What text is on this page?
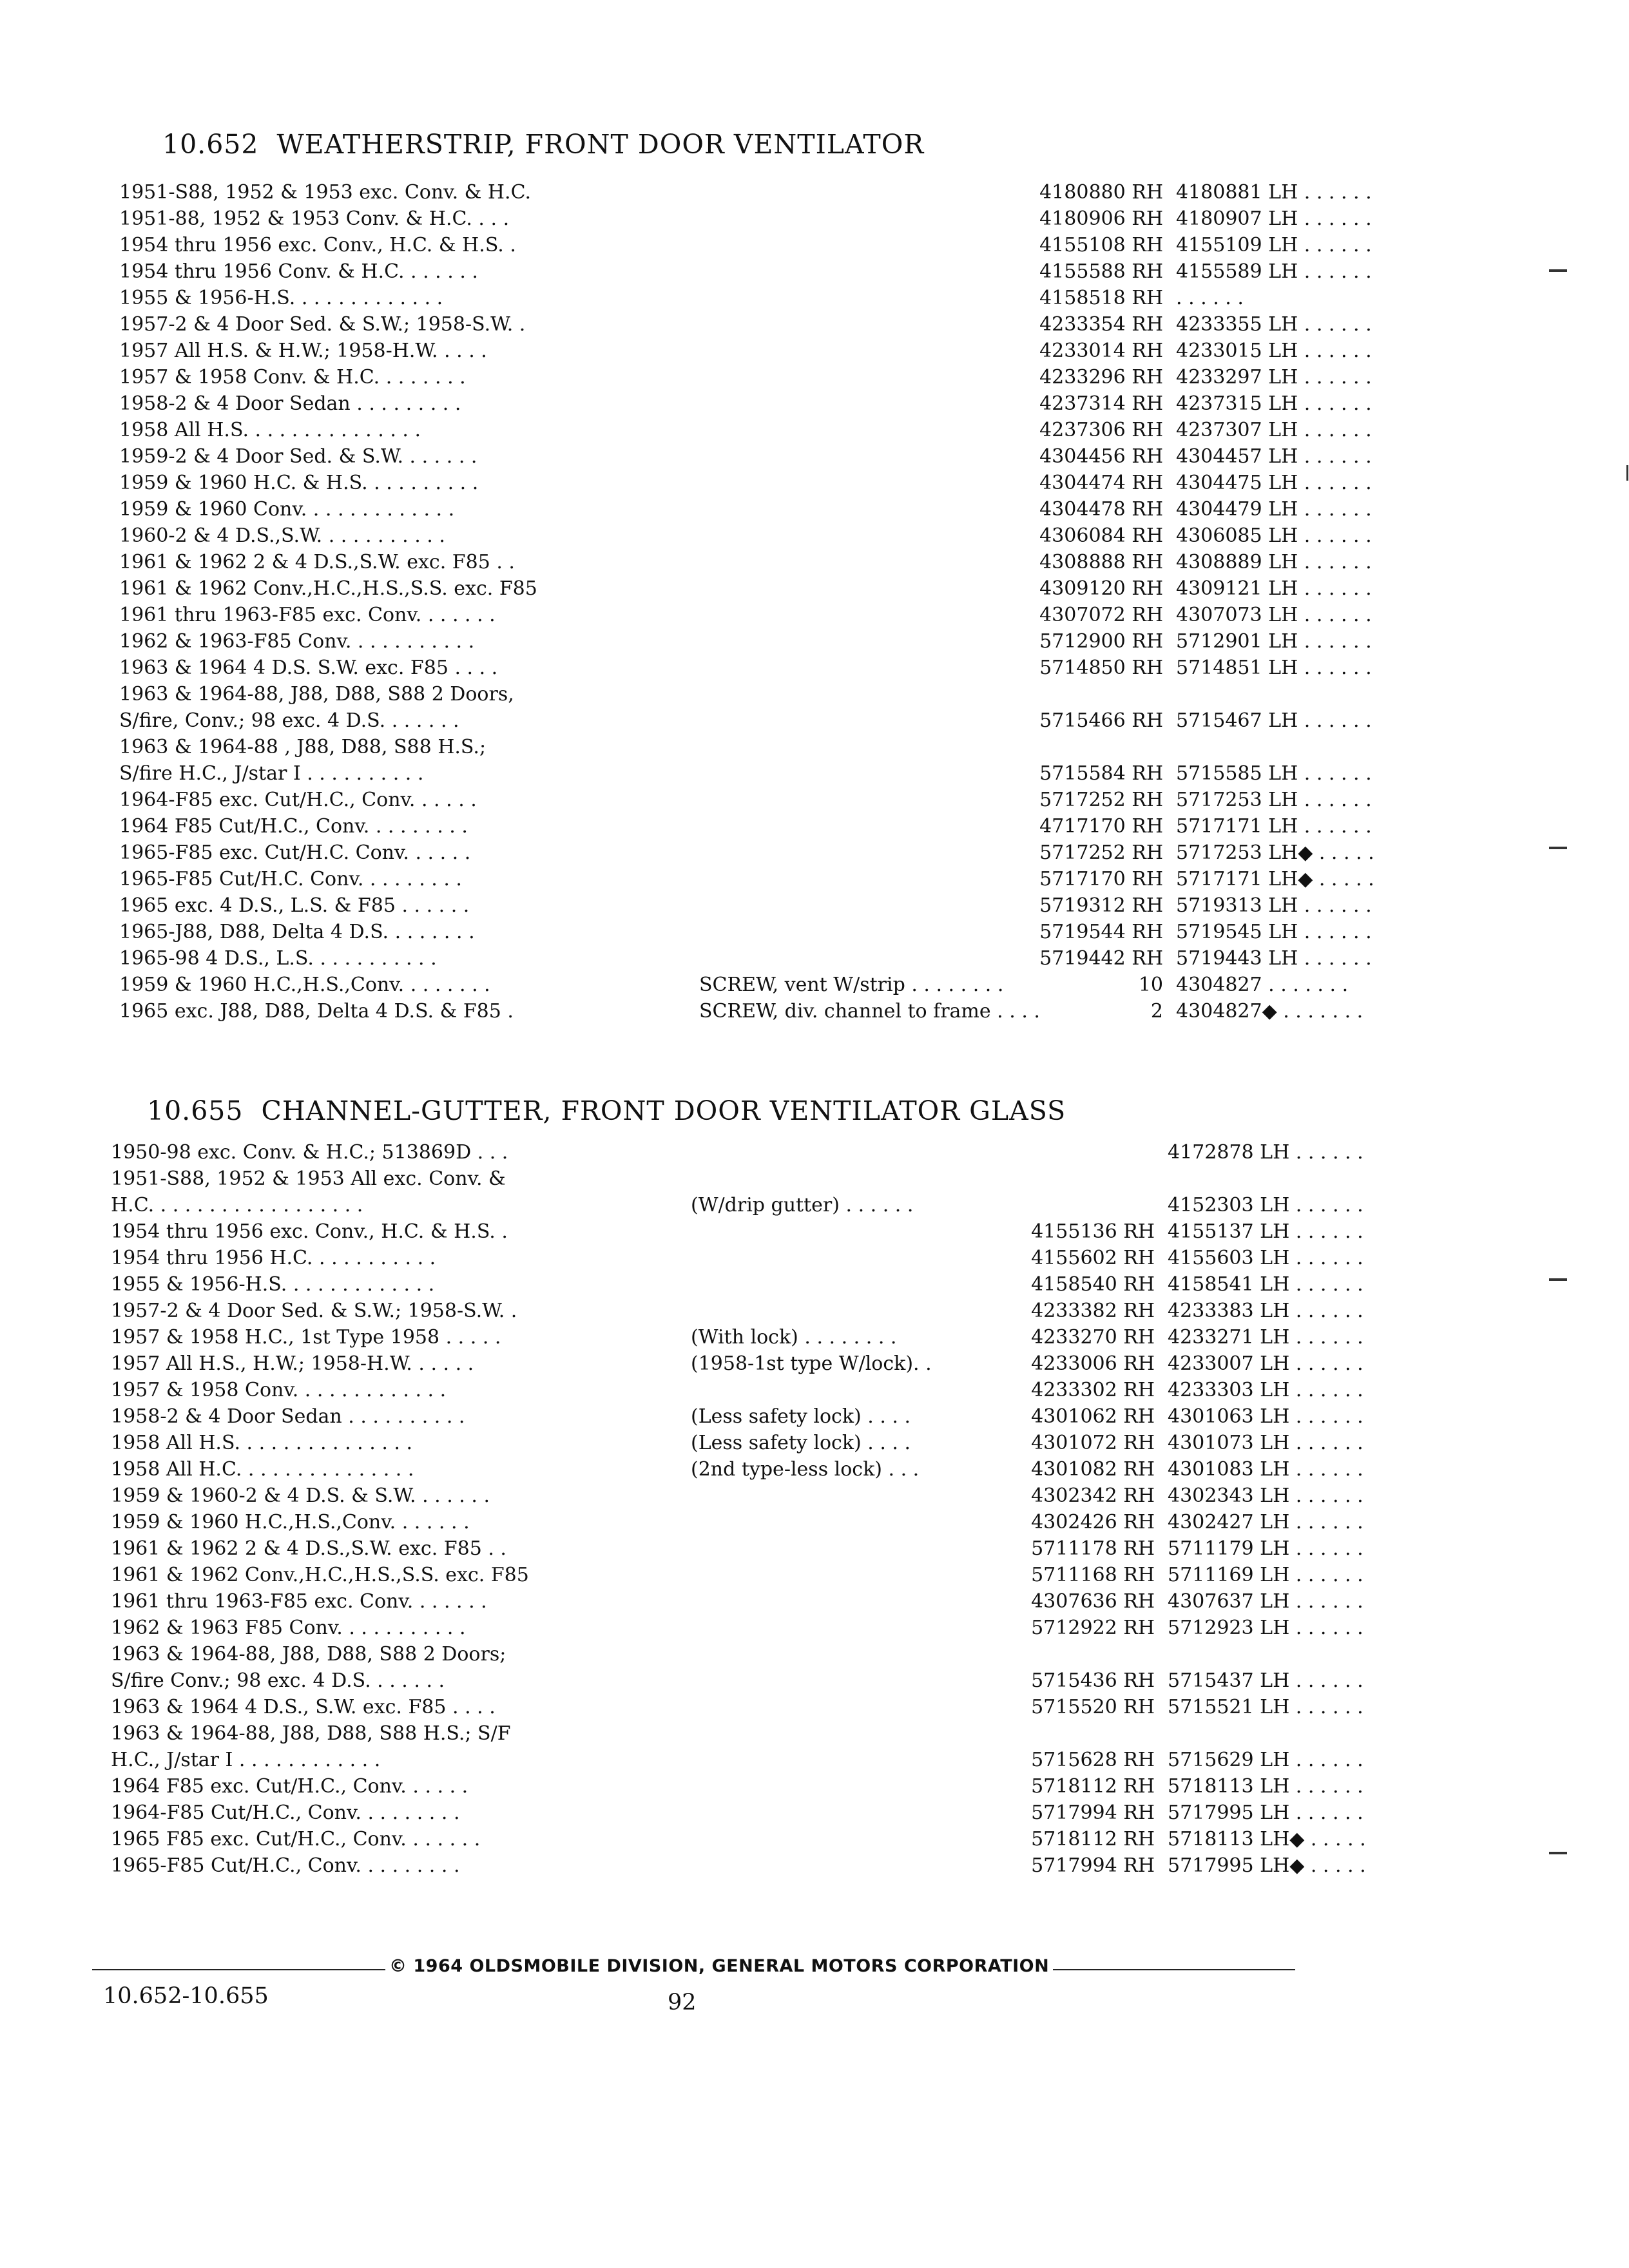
10.652 WEATHERSTRIP, FRONT DOOR VENTILATOR
1951-S88, 1952 & 1953 exc. Conv. & H.C.	4180880 RH 4180881 LH . . . . . .
1951-88, 1952 & 1953 Conv. & H.C. . . .	4180906 RH 4180907 LH . . . . . .
1954 thru 1956 exc. Conv., H.C. & H.S. .	4155108 RH 4155109 LH . . . . . .
1954 thru 1956 Conv. & H.C. . . . . . .	4155588 RH 4155589 LH . . . . . .
1955 & 1956-H.S. . . . . . . . . . . . .	4158518 RH . . . . . .
1957-2 & 4 Door Sed. & S.W.; 1958-S.W. .	4233354 RH 4233355 LH . . . . . .
1957 All H.S. & H.W.; 1958-H.W. . . . .	4233014 RH 4233015 LH . . . . . .
1957 & 1958 Conv. & H.C. . . . . . . .	4233296 RH 4233297 LH . . . . . .
1958-2 & 4 Door Sedan . . . . . . . . .	4237314 RH 4237315 LH . . . . . .
1958 All H.S. . . . . . . . . . . . . . .	4237306 RH 4237307 LH . . . . . .
1959-2 & 4 Door Sed. & S.W. . . . . . .	4304456 RH 4304457 LH . . . . . .
1959 & 1960 H.C. & H.S. . . . . . . . . .	4304474 RH 4304475 LH . . . . . .
1959 & 1960 Conv. . . . . . . . . . . . .	4304478 RH 4304479 LH . . . . . .
1960-2 & 4 D.S.,S.W. . . . . . . . . . .	4306084 RH 4306085 LH . . . . . .
1961 & 1962 2 & 4 D.S.,S.W. exc. F85 . .	4308888 RH 4308889 LH . . . . . .
1961 & 1962 Conv.,H.C.,H.S.,S.S. exc. F85	4309120 RH 4309121 LH . . . . . .
1961 thru 1963-F85 exc. Conv. . . . . . .	4307072 RH 4307073 LH . . . . . .
1962 & 1963-F85 Conv. . . . . . . . . . .	5712900 RH 5712901 LH . . . . . .
1963 & 1964 4 D.S. S.W. exc. F85 . . . .	5714850 RH 5714851 LH . . . . . .
1963 & 1964-88, J88, D88, S88 2 Doors,
S/fire, Conv.; 98 exc. 4 D.S. . . . . . .	5715466 RH 5715467 LH . . . . . .
1963 & 1964-88 , J88, D88, S88 H.S.;
S/fire H.C., J/star I . . . . . . . . . .	5715584 RH 5715585 LH . . . . . .
1964-F85 exc. Cut/H.C., Conv. . . . . .	5717252 RH 5717253 LH . . . . . .
1964 F85 Cut/H.C., Conv. . . . . . . . .	4717170 RH 5717171 LH . . . . . .
1965-F85 exc. Cut/H.C. Conv. . . . . .	5717252 RH 5717253 LH◆ . . . . .
1965-F85 Cut/H.C. Conv. . . . . . . . .	5717170 RH 5717171 LH◆ . . . . .
1965 exc. 4 D.S., L.S. & F85 . . . . . .	5719312 RH 5719313 LH . . . . . .
1965-J88, D88, Delta 4 D.S. . . . . . . .	5719544 RH 5719545 LH . . . . . .
1965-98 4 D.S., L.S. . . . . . . . . . .	5719442 RH 5719443 LH . . . . . .
1959 & 1960 H.C.,H.S.,Conv. . . . . . . .	SCREW, vent W/strip . . . . . . . .	10 4304827 . . . . . . .
1965 exc. J88, D88, Delta 4 D.S. & F85 .	SCREW, div. channel to frame . . . .	2 4304827◆ . . . . . . .
10.655 CHANNEL-GUTTER, FRONT DOOR VENTILATOR GLASS
1950-98 exc. Conv. & H.C.; 513869D . . .	4172878 LH . . . . . .
1951-S88, 1952 & 1953 All exc. Conv. &
H.C. . . . . . . . . . . . . . . . . .	(W/drip gutter) . . . . . .	4152303 LH . . . . . .
1954 thru 1956 exc. Conv., H.C. & H.S. .	4155136 RH 4155137 LH . . . . . .
1954 thru 1956 H.C. . . . . . . . . . .	4155602 RH 4155603 LH . . . . . .
1955 & 1956-H.S. . . . . . . . . . . . .	4158540 RH 4158541 LH . . . . . .
1957-2 & 4 Door Sed. & S.W.; 1958-S.W. .	4233382 RH 4233383 LH . . . . . .
1957 & 1958 H.C., 1st Type 1958 . . . . .	(With lock) . . . . . . . .	4233270 RH 4233271 LH . . . . . .
1957 All H.S., H.W.; 1958-H.W. . . . . .	(1958-1st type W/lock). .	4233006 RH 4233007 LH . . . . . .
1957 & 1958 Conv. . . . . . . . . . . . .	4233302 RH 4233303 LH . . . . . .
1958-2 & 4 Door Sedan . . . . . . . . . .	(Less safety lock) . . . .	4301062 RH 4301063 LH . . . . . .
1958 All H.S. . . . . . . . . . . . . . .	(Less safety lock) . . . .	4301072 RH 4301073 LH . . . . . .
1958 All H.C. . . . . . . . . . . . . . .	(2nd type-less lock) . . .	4301082 RH 4301083 LH . . . . . .
1959 & 1960-2 & 4 D.S. & S.W. . . . . . .	4302342 RH 4302343 LH . . . . . .
1959 & 1960 H.C.,H.S.,Conv. . . . . . .	4302426 RH 4302427 LH . . . . . .
1961 & 1962 2 & 4 D.S.,S.W. exc. F85 . .	5711178 RH 5711179 LH . . . . . .
1961 & 1962 Conv.,H.C.,H.S.,S.S. exc. F85	5711168 RH 5711169 LH . . . . . .
1961 thru 1963-F85 exc. Conv. . . . . . .	4307636 RH 4307637 LH . . . . . .
1962 & 1963 F85 Conv. . . . . . . . . . .	5712922 RH 5712923 LH . . . . . .
1963 & 1964-88, J88, D88, S88 2 Doors;
S/fire Conv.; 98 exc. 4 D.S. . . . . . .	5715436 RH 5715437 LH . . . . . .
1963 & 1964 4 D.S., S.W. exc. F85 . . . .	5715520 RH 5715521 LH . . . . . .
1963 & 1964-88, J88, D88, S88 H.S.; S/F
H.C., J/star I . . . . . . . . . . . .	5715628 RH 5715629 LH . . . . . .
1964 F85 exc. Cut/H.C., Conv. . . . . .	5718112 RH 5718113 LH . . . . . .
1964-F85 Cut/H.C., Conv. . . . . . . . .	5717994 RH 5717995 LH . . . . . .
1965 F85 exc. Cut/H.C., Conv. . . . . . .	5718112 RH 5718113 LH◆ . . . . .
1965-F85 Cut/H.C., Conv. . . . . . . . .	5717994 RH 5717995 LH◆ . . . . .
© 1964 OLDSMOBILE DIVISION, GENERAL MOTORS CORPORATION
10.652-10.655	92
